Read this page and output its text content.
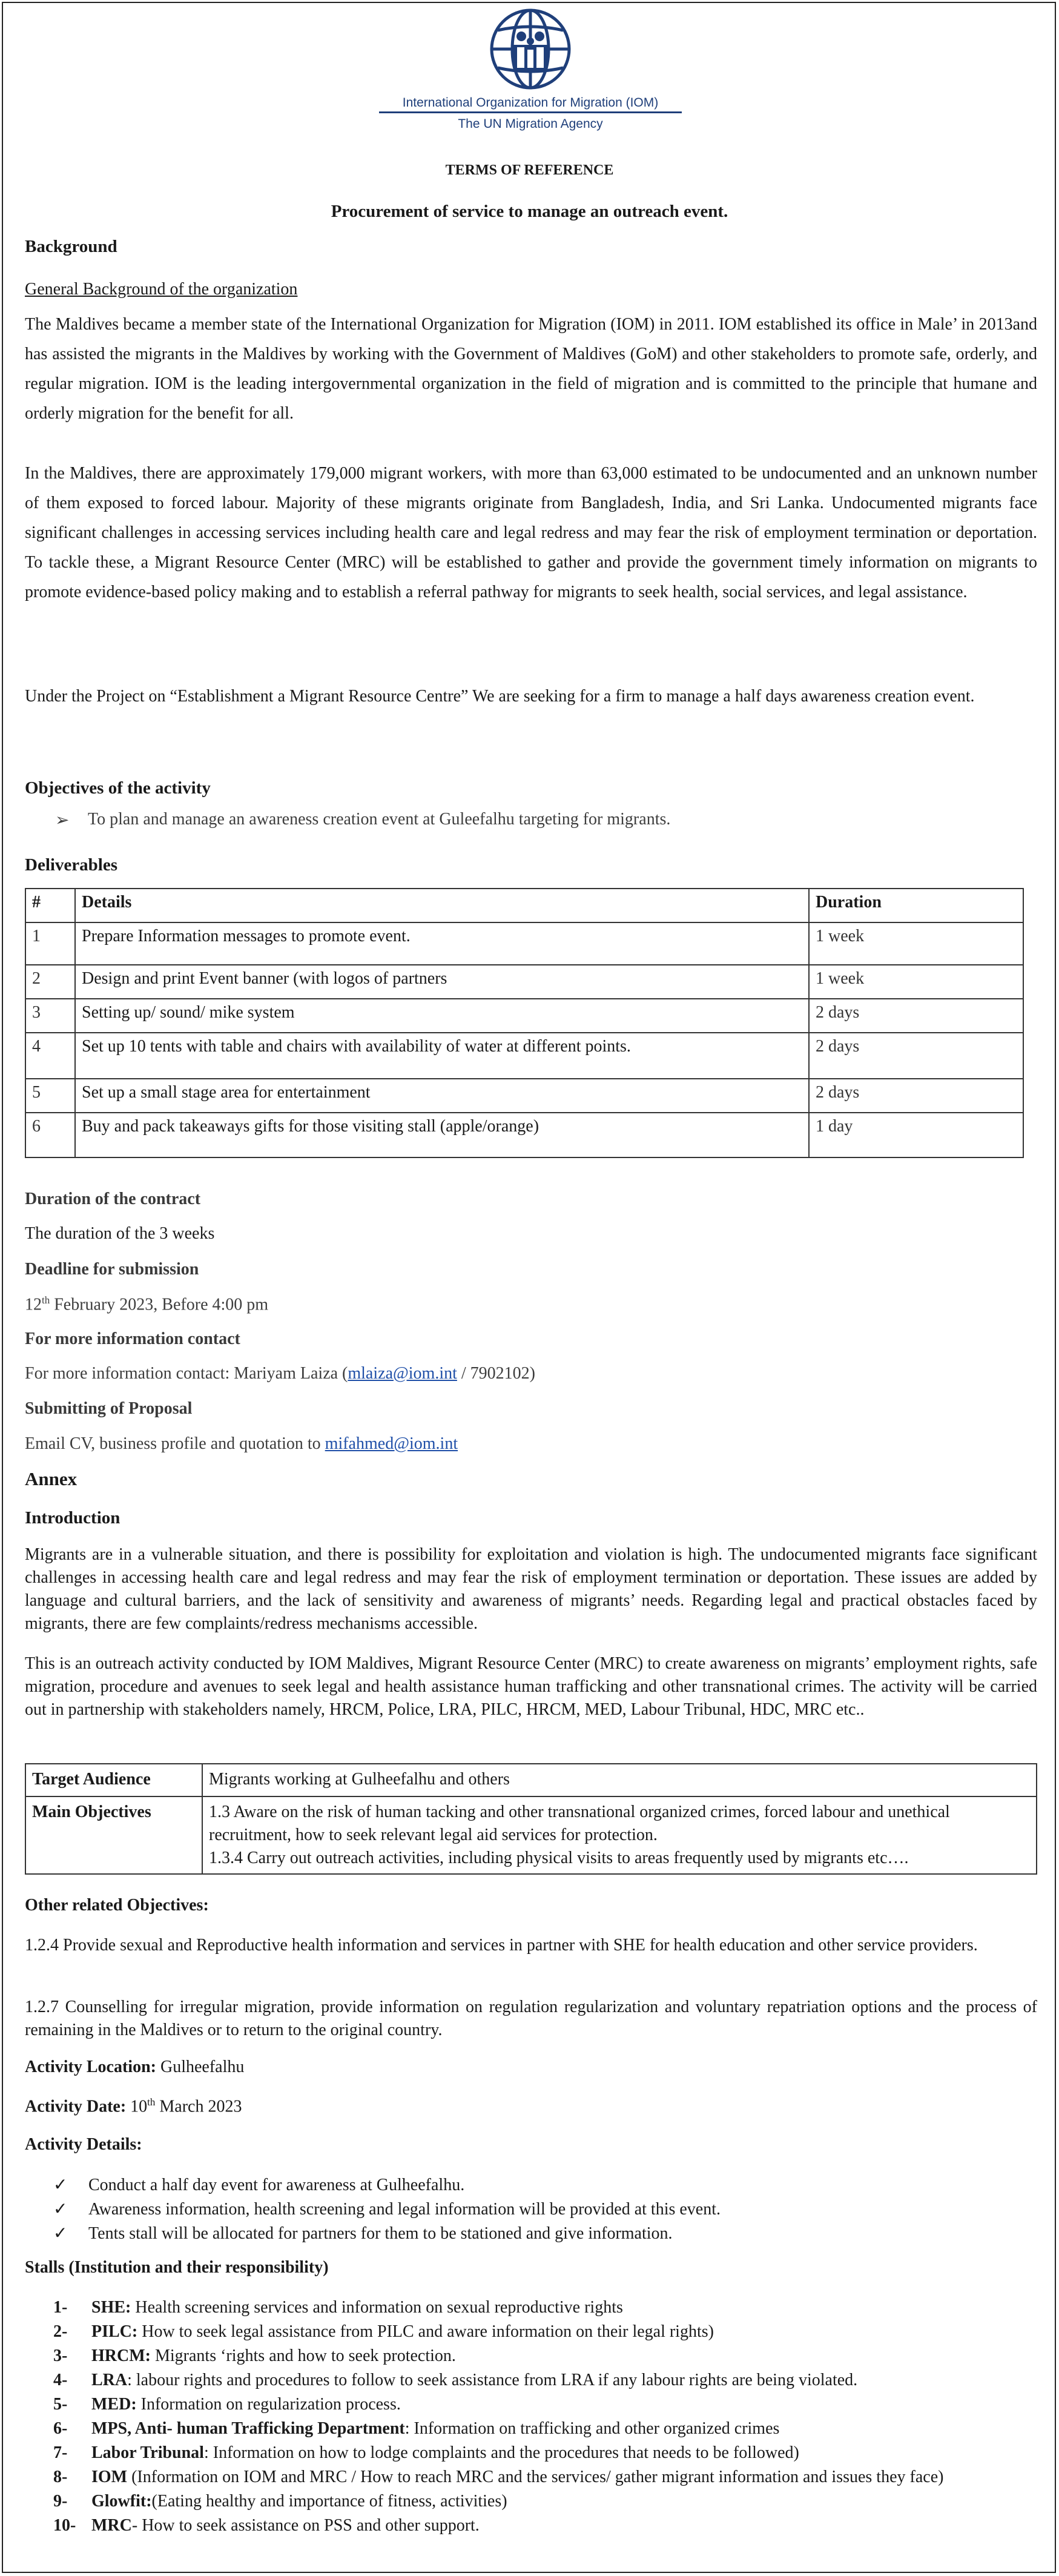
International Organization for Migration (IOM)
The UN Migration Agency
TERMS OF REFERENCE
Procurement of service to manage an outreach event.
Background
General Background of the organization

The Maldives became a member state of the International Organization for Migration (IOM) in 2011. IOM established its office in Male’ in 2013and has assisted the migrants in the Maldives by working with the Government of Maldives (GoM) and other stakeholders to promote safe, orderly, and regular migration. IOM is the leading intergovernmental organization in the field of migration and is committed to the principle that humane and orderly migration for the benefit for all.

In the Maldives, there are approximately 179,000 migrant workers, with more than 63,000 estimated to be undocumented and an unknown number of them exposed to forced labour. Majority of these migrants originate from Bangladesh, India, and Sri Lanka. Undocumented migrants face significant challenges in accessing services including health care and legal redress and may fear the risk of employment termination or deportation. To tackle these, a Migrant Resource Center (MRC) will be established to gather and provide the government timely information on migrants to promote evidence-based policy making and to establish a referral pathway for migrants to seek health, social services, and legal assistance.

Under the Project on “Establishment a Migrant Resource Centre” We are seeking for a firm to manage a half days awareness creation event.

Objectives of the activity
➢ To plan and manage an awareness creation event at Guleefalhu targeting for migrants.
Deliverables
#	Details	Duration
1	Prepare Information messages to promote event.	1 week
2	Design and print Event banner (with logos of partners	1 week
3	Setting up/ sound/ mike system	2 days
4	Set up 10 tents with table and chairs with availability of water at different points.	2 days
5	Set up a small stage area for entertainment	2 days
6	Buy and pack takeaways gifts for those visiting stall (apple/orange)	1 day
Duration of the contract
The duration of the 3 weeks
Deadline for submission
12th February 2023, Before 4:00 pm
For more information contact
For more information contact: Mariyam Laiza (mlaiza@iom.int / 7902102)
Submitting of Proposal
Email CV, business profile and quotation to mifahmed@iom.int
Annex
Introduction

Migrants are in a vulnerable situation, and there is possibility for exploitation and violation is high. The undocumented migrants face significant challenges in accessing health care and legal redress and may fear the risk of employment termination or deportation. These issues are added by language and cultural barriers, and the lack of sensitivity and awareness of migrants’ needs. Regarding legal and practical obstacles faced by migrants, there are few complaints/redress mechanisms accessible.

This is an outreach activity conducted by IOM Maldives, Migrant Resource Center (MRC) to create awareness on migrants’ employment rights, safe migration, procedure and avenues to seek legal and health assistance human trafficking and other transnational crimes. The activity will be carried out in partnership with stakeholders namely, HRCM, Police, LRA, PILC, HRCM, MED, Labour Tribunal, HDC, MRC etc..

Target Audience	Migrants working at Gulheefalhu and others
Main Objectives	1.3 Aware on the risk of human tacking and other transnational organized crimes, forced labour and unethical recruitment, how to seek relevant legal aid services for protection.
1.3.4 Carry out outreach activities, including physical visits to areas frequently used by migrants etc….
Other related Objectives:

1.2.4 Provide sexual and Reproductive health information and services in partner with SHE for health education and other service providers.

1.2.7 Counselling for irregular migration, provide information on regulation regularization and voluntary repatriation options and the process of remaining in the Maldives or to return to the original country.

Activity Location: Gulheefalhu
Activity Date: 10th March 2023
Activity Details:
✓ Conduct a half day event for awareness at Gulheefalhu.
✓ Awareness information, health screening and legal information will be provided at this event.
✓ Tents stall will be allocated for partners for them to be stationed and give information.
Stalls (Institution and their responsibility)
1- SHE: Health screening services and information on sexual reproductive rights
2- PILC: How to seek legal assistance from PILC and aware information on their legal rights)
3- HRCM: Migrants ‘rights and how to seek protection.
4- LRA: labour rights and procedures to follow to seek assistance from LRA if any labour rights are being violated.
5- MED: Information on regularization process.
6- MPS, Anti- human Trafficking Department: Information on trafficking and other organized crimes
7- Labor Tribunal: Information on how to lodge complaints and the procedures that needs to be followed)
8- IOM (Information on IOM and MRC / How to reach MRC and the services/ gather migrant information and issues they face)
9- Glowfit:(Eating healthy and importance of fitness, activities)
10- MRC- How to seek assistance on PSS and other support.
